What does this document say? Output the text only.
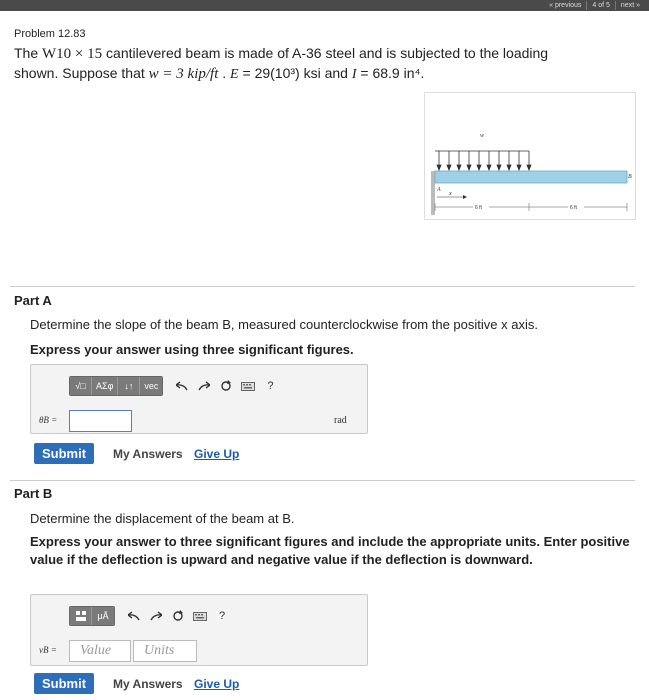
« previous	4 of 5	next »
Problem 12.83
The W10 × 15 cantilevered beam is made of A-36 steel and is subjected to the loading
shown. Suppose that w = 3 kip/ft . E = 29(10³) ksi and I = 68.9 in⁴.
w
A
B
x
6 ft	6 ft
Part A
Determine the slope of the beam B, measured counterclockwise from the positive x axis.
Express your answer using three significant figures.
√□	ΑΣφ	↓↑	vec	?
θB =	rad
Submit	My Answers Give Up
Part B
Determine the displacement of the beam at B.
Express your answer to three significant figures and include the appropriate units. Enter positive value if the deflection is upward and negative value if the deflection is downward.
μÅ	?
vB =	Value	Units
Submit	My Answers Give Up
